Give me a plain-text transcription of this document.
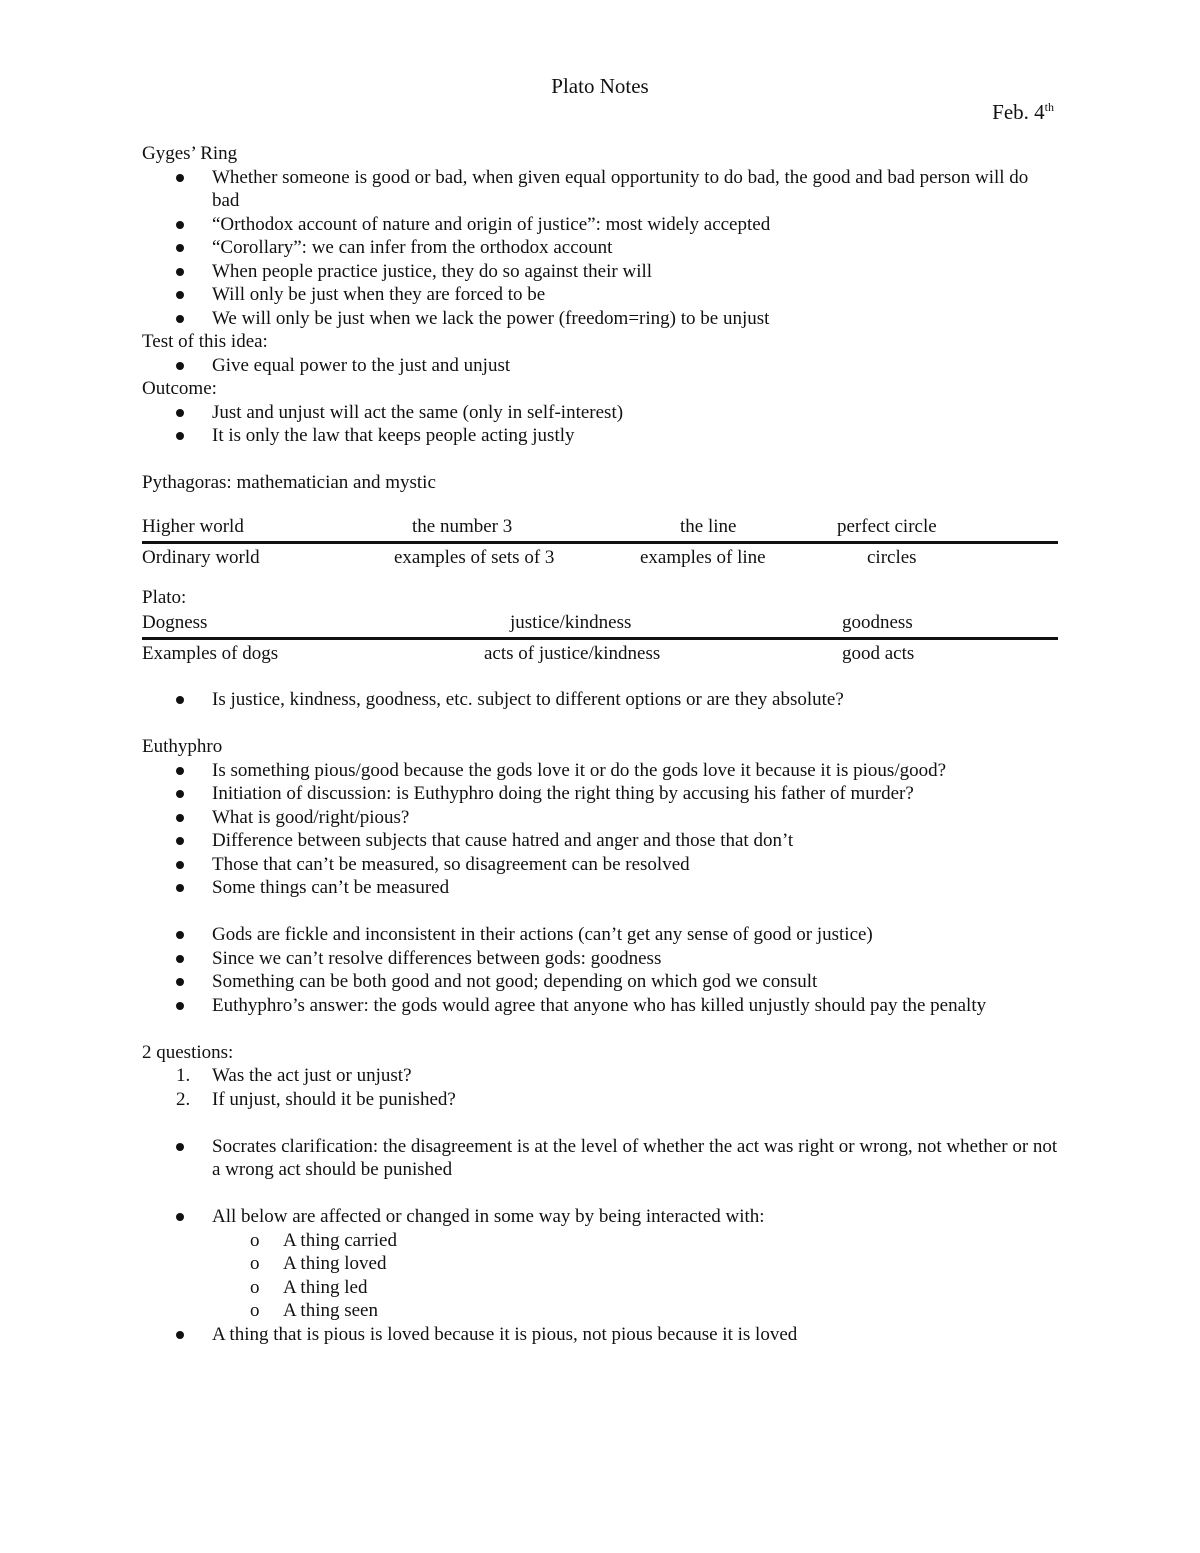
Plato Notes
Feb. 4th
Gyges’ Ring
Whether someone is good or bad, when given equal opportunity to do bad, the good and bad person will do bad
“Orthodox account of nature and origin of justice”: most widely accepted
“Corollary”: we can infer from the orthodox account
When people practice justice, they do so against their will
Will only be just when they are forced to be
We will only be just when we lack the power (freedom=ring) to be unjust
Test of this idea:
Give equal power to the just and unjust
Outcome:
Just and unjust will act the same (only in self-interest)
It is only the law that keeps people acting justly
Pythagoras: mathematician and mystic
Higher world	the number 3	the line	perfect circle
Ordinary world	examples of sets of 3	examples of line	circles
Plato:
Dogness	justice/kindness	goodness
Examples of dogs	acts of justice/kindness	good acts
Is justice, kindness, goodness, etc. subject to different options or are they absolute?
Euthyphro
Is something pious/good because the gods love it or do the gods love it because it is pious/good?
Initiation of discussion: is Euthyphro doing the right thing by accusing his father of murder?
What is good/right/pious?
Difference between subjects that cause hatred and anger and those that don’t
Those that can’t be measured, so disagreement can be resolved
Some things can’t be measured
Gods are fickle and inconsistent in their actions (can’t get any sense of good or justice)
Since we can’t resolve differences between gods: goodness
Something can be both good and not good; depending on which god we consult
Euthyphro’s answer: the gods would agree that anyone who has killed unjustly should pay the penalty
2 questions:
1. Was the act just or unjust?
2. If unjust, should it be punished?
Socrates clarification: the disagreement is at the level of whether the act was right or wrong, not whether or not a wrong act should be punished
All below are affected or changed in some way by being interacted with:
o A thing carried
o A thing loved
o A thing led
o A thing seen
A thing that is pious is loved because it is pious, not pious because it is loved
